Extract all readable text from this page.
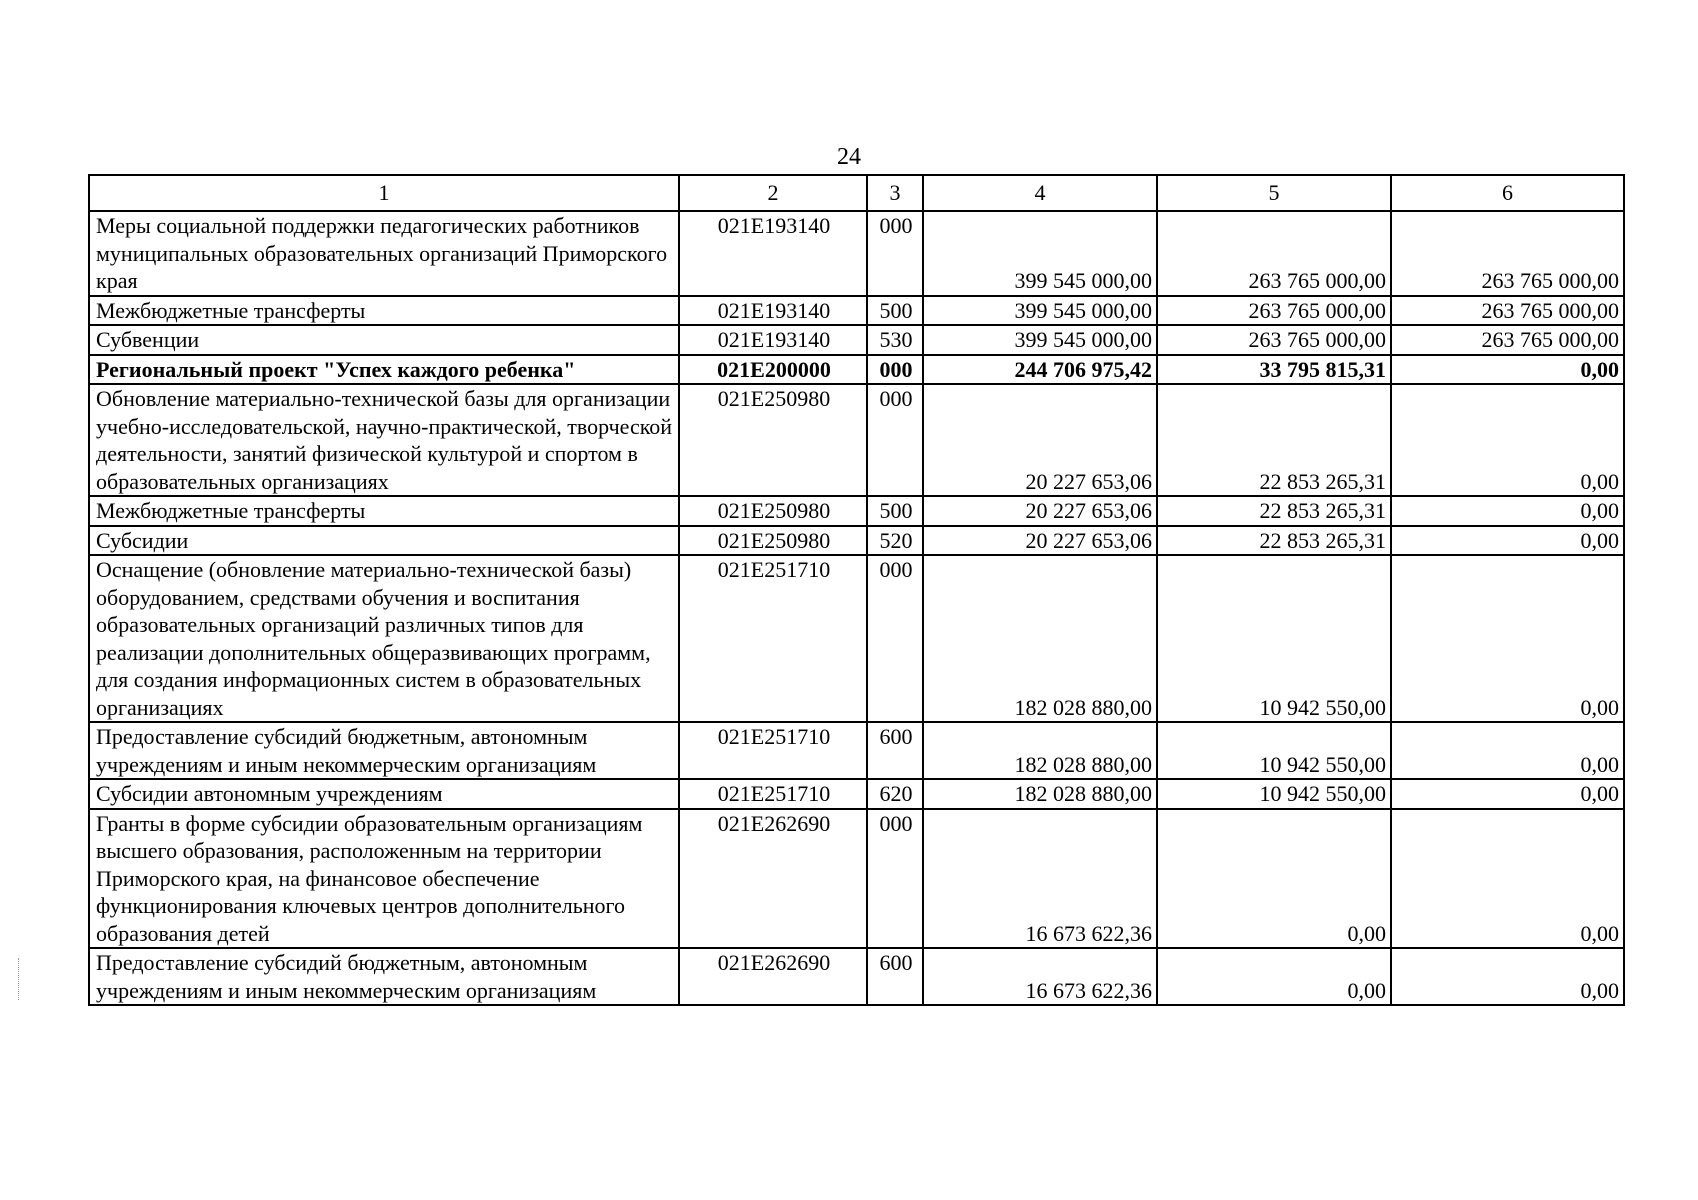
24
1	2	3	4	5	6
Меры социальной поддержки педагогических работников муниципальных образовательных организаций Приморского края	021E193140	000	399 545 000,00	263 765 000,00	263 765 000,00
Межбюджетные трансферты	021E193140	500	399 545 000,00	263 765 000,00	263 765 000,00
Субвенции	021E193140	530	399 545 000,00	263 765 000,00	263 765 000,00
Региональный проект "Успех каждого ребенка"	021E200000	000	244 706 975,42	33 795 815,31	0,00
Обновление материально-технической базы для организации учебно-исследовательской, научно-практической, творческой деятельности, занятий физической культурой и спортом в образовательных организациях	021E250980	000	20 227 653,06	22 853 265,31	0,00
Межбюджетные трансферты	021E250980	500	20 227 653,06	22 853 265,31	0,00
Субсидии	021E250980	520	20 227 653,06	22 853 265,31	0,00
Оснащение (обновление материально-технической базы) оборудованием, средствами обучения и воспитания образовательных организаций различных типов для реализации дополнительных общеразвивающих программ, для создания информационных систем в образовательных организациях	021E251710	000	182 028 880,00	10 942 550,00	0,00
Предоставление субсидий бюджетным, автономным учреждениям и иным некоммерческим организациям	021E251710	600	182 028 880,00	10 942 550,00	0,00
Субсидии автономным учреждениям	021E251710	620	182 028 880,00	10 942 550,00	0,00
Гранты в форме субсидии образовательным организациям высшего образования, расположенным на территории Приморского края, на финансовое обеспечение функционирования ключевых центров дополнительного образования детей	021E262690	000	16 673 622,36	0,00	0,00
Предоставление субсидий бюджетным, автономным учреждениям и иным некоммерческим организациям	021E262690	600	16 673 622,36	0,00	0,00
